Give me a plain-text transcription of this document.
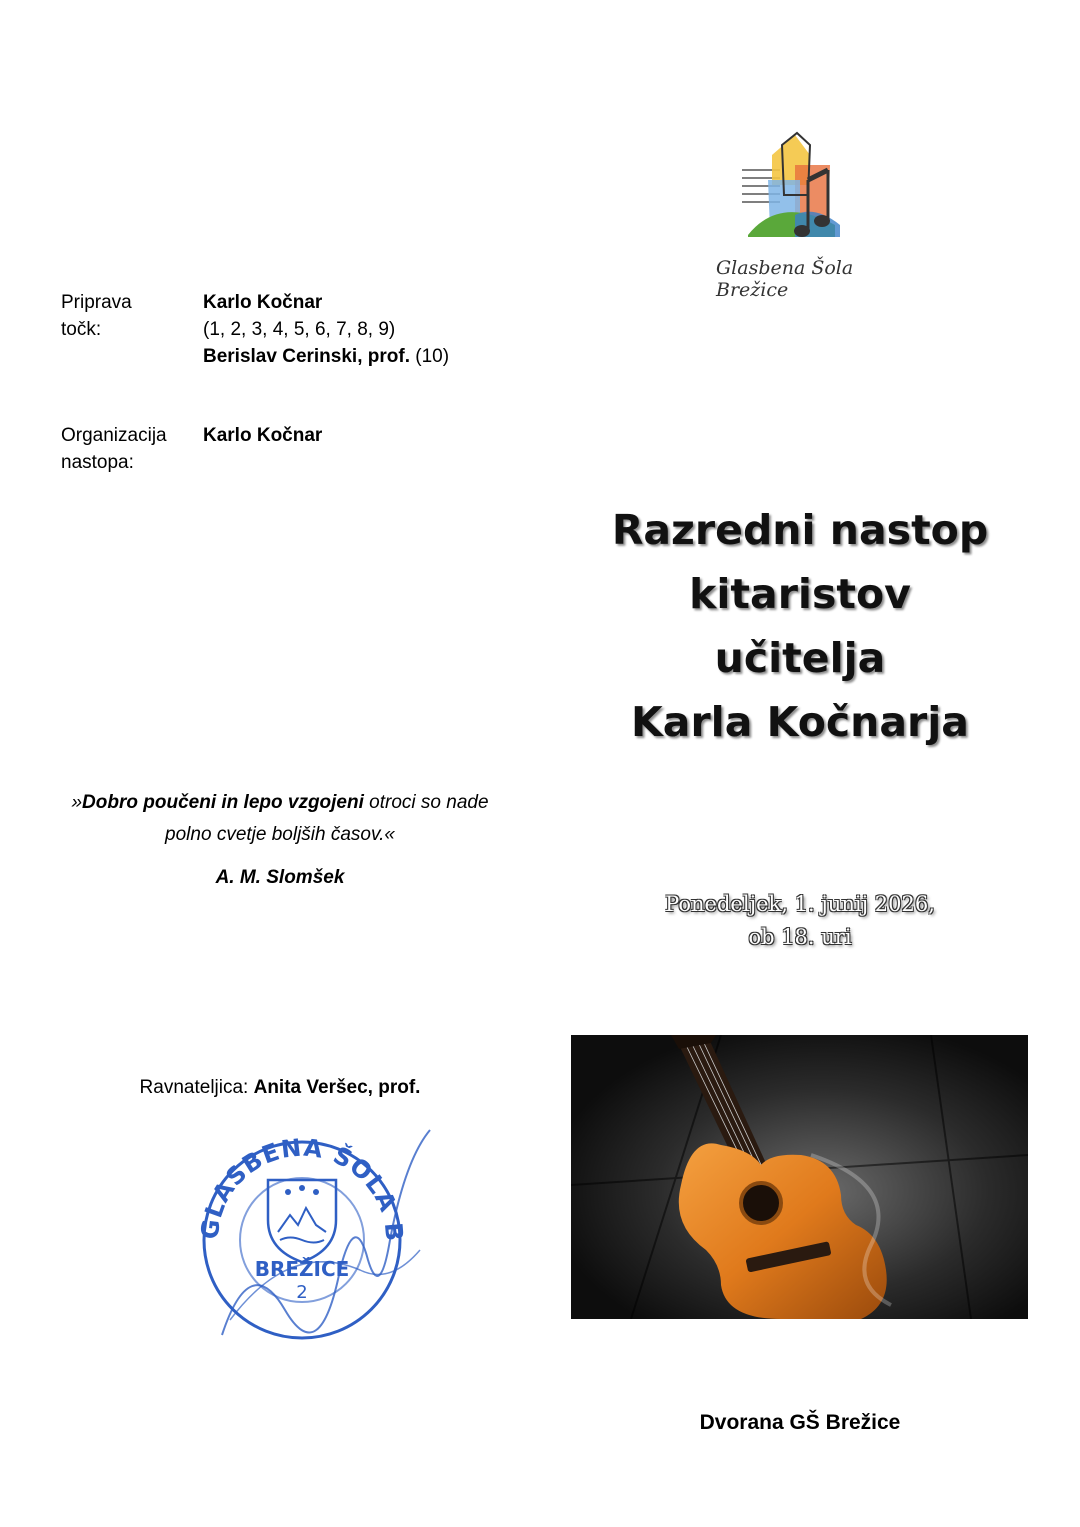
Glasbena Šola Brežice
Priprava
točk:
Karlo Kočnar
(1, 2, 3, 4, 5, 6, 7, 8, 9)
Berislav Cerinski, prof. (10)
Organizacija
nastopa:
Karlo Kočnar
»Dobro poučeni in lepo vzgojeni otroci so nade
polno cvetje boljših časov.«
A. M. Slomšek
Ravnateljica: Anita Veršec, prof.
GLASBENA ŠOLA B
BREŽICE
2
Razredni nastop
kitaristov
učitelja
Karla Kočnarja
Ponedeljek, 1. junij 2026,
ob 18. uri
Dvorana GŠ Brežice
